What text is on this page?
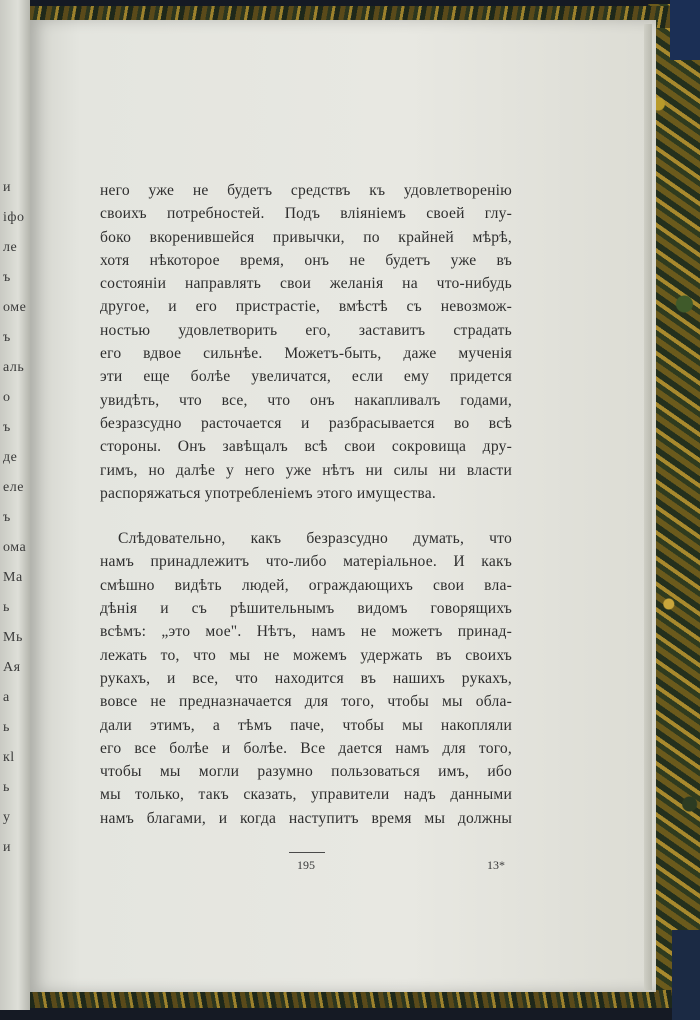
и
іфо
ле
ъ
оме
ъ
аль
о
ъ
де
еле
ъ
ома
Ма
ь
Мь
Ая
а
ь
кl
ь
у
и
него уже не будетъ средствъ къ удовлетворенію
своихъ потребностей. Подъ вліяніемъ своей глу-
боко вкоренившейся привычки, по крайней мѣрѣ,
хотя нѣкоторое время, онъ не будетъ уже въ
состояніи направлять свои желанія на что-нибудь
другое, и его пристрастіе, вмѣстѣ съ невозмож-
ностью удовлетворить его, заставитъ страдать
его вдвое сильнѣе. Можетъ-быть, даже мученія
эти еще болѣе увеличатся, если ему придется
увидѣть, что все, что онъ накапливалъ годами,
безразсудно расточается и разбрасывается во всѣ
стороны. Онъ завѣщалъ всѣ свои сокровища дру-
гимъ, но далѣе у него уже нѣтъ ни силы ни власти
распоряжаться употребленіемъ этого имущества.
Слѣдовательно, какъ безразсудно думать, что
намъ принадлежитъ что-либо матеріальное. И какъ
смѣшно видѣть людей, ограждающихъ свои вла-
дѣнія и съ рѣшительнымъ видомъ говорящихъ
всѣмъ: „это мое". Нѣтъ, намъ не можетъ принад-
лежать то, что мы не можемъ удержать въ своихъ
рукахъ, и все, что находится въ нашихъ рукахъ,
вовсе не предназначается для того, чтобы мы обла-
дали этимъ, а тѣмъ паче, чтобы мы накопляли
его все болѣе и болѣе. Все дается намъ для того,
чтобы мы могли разумно пользоваться имъ, ибо
мы только, такъ сказать, управители надъ данными
намъ благами, и когда наступитъ время мы должны
195	13*
